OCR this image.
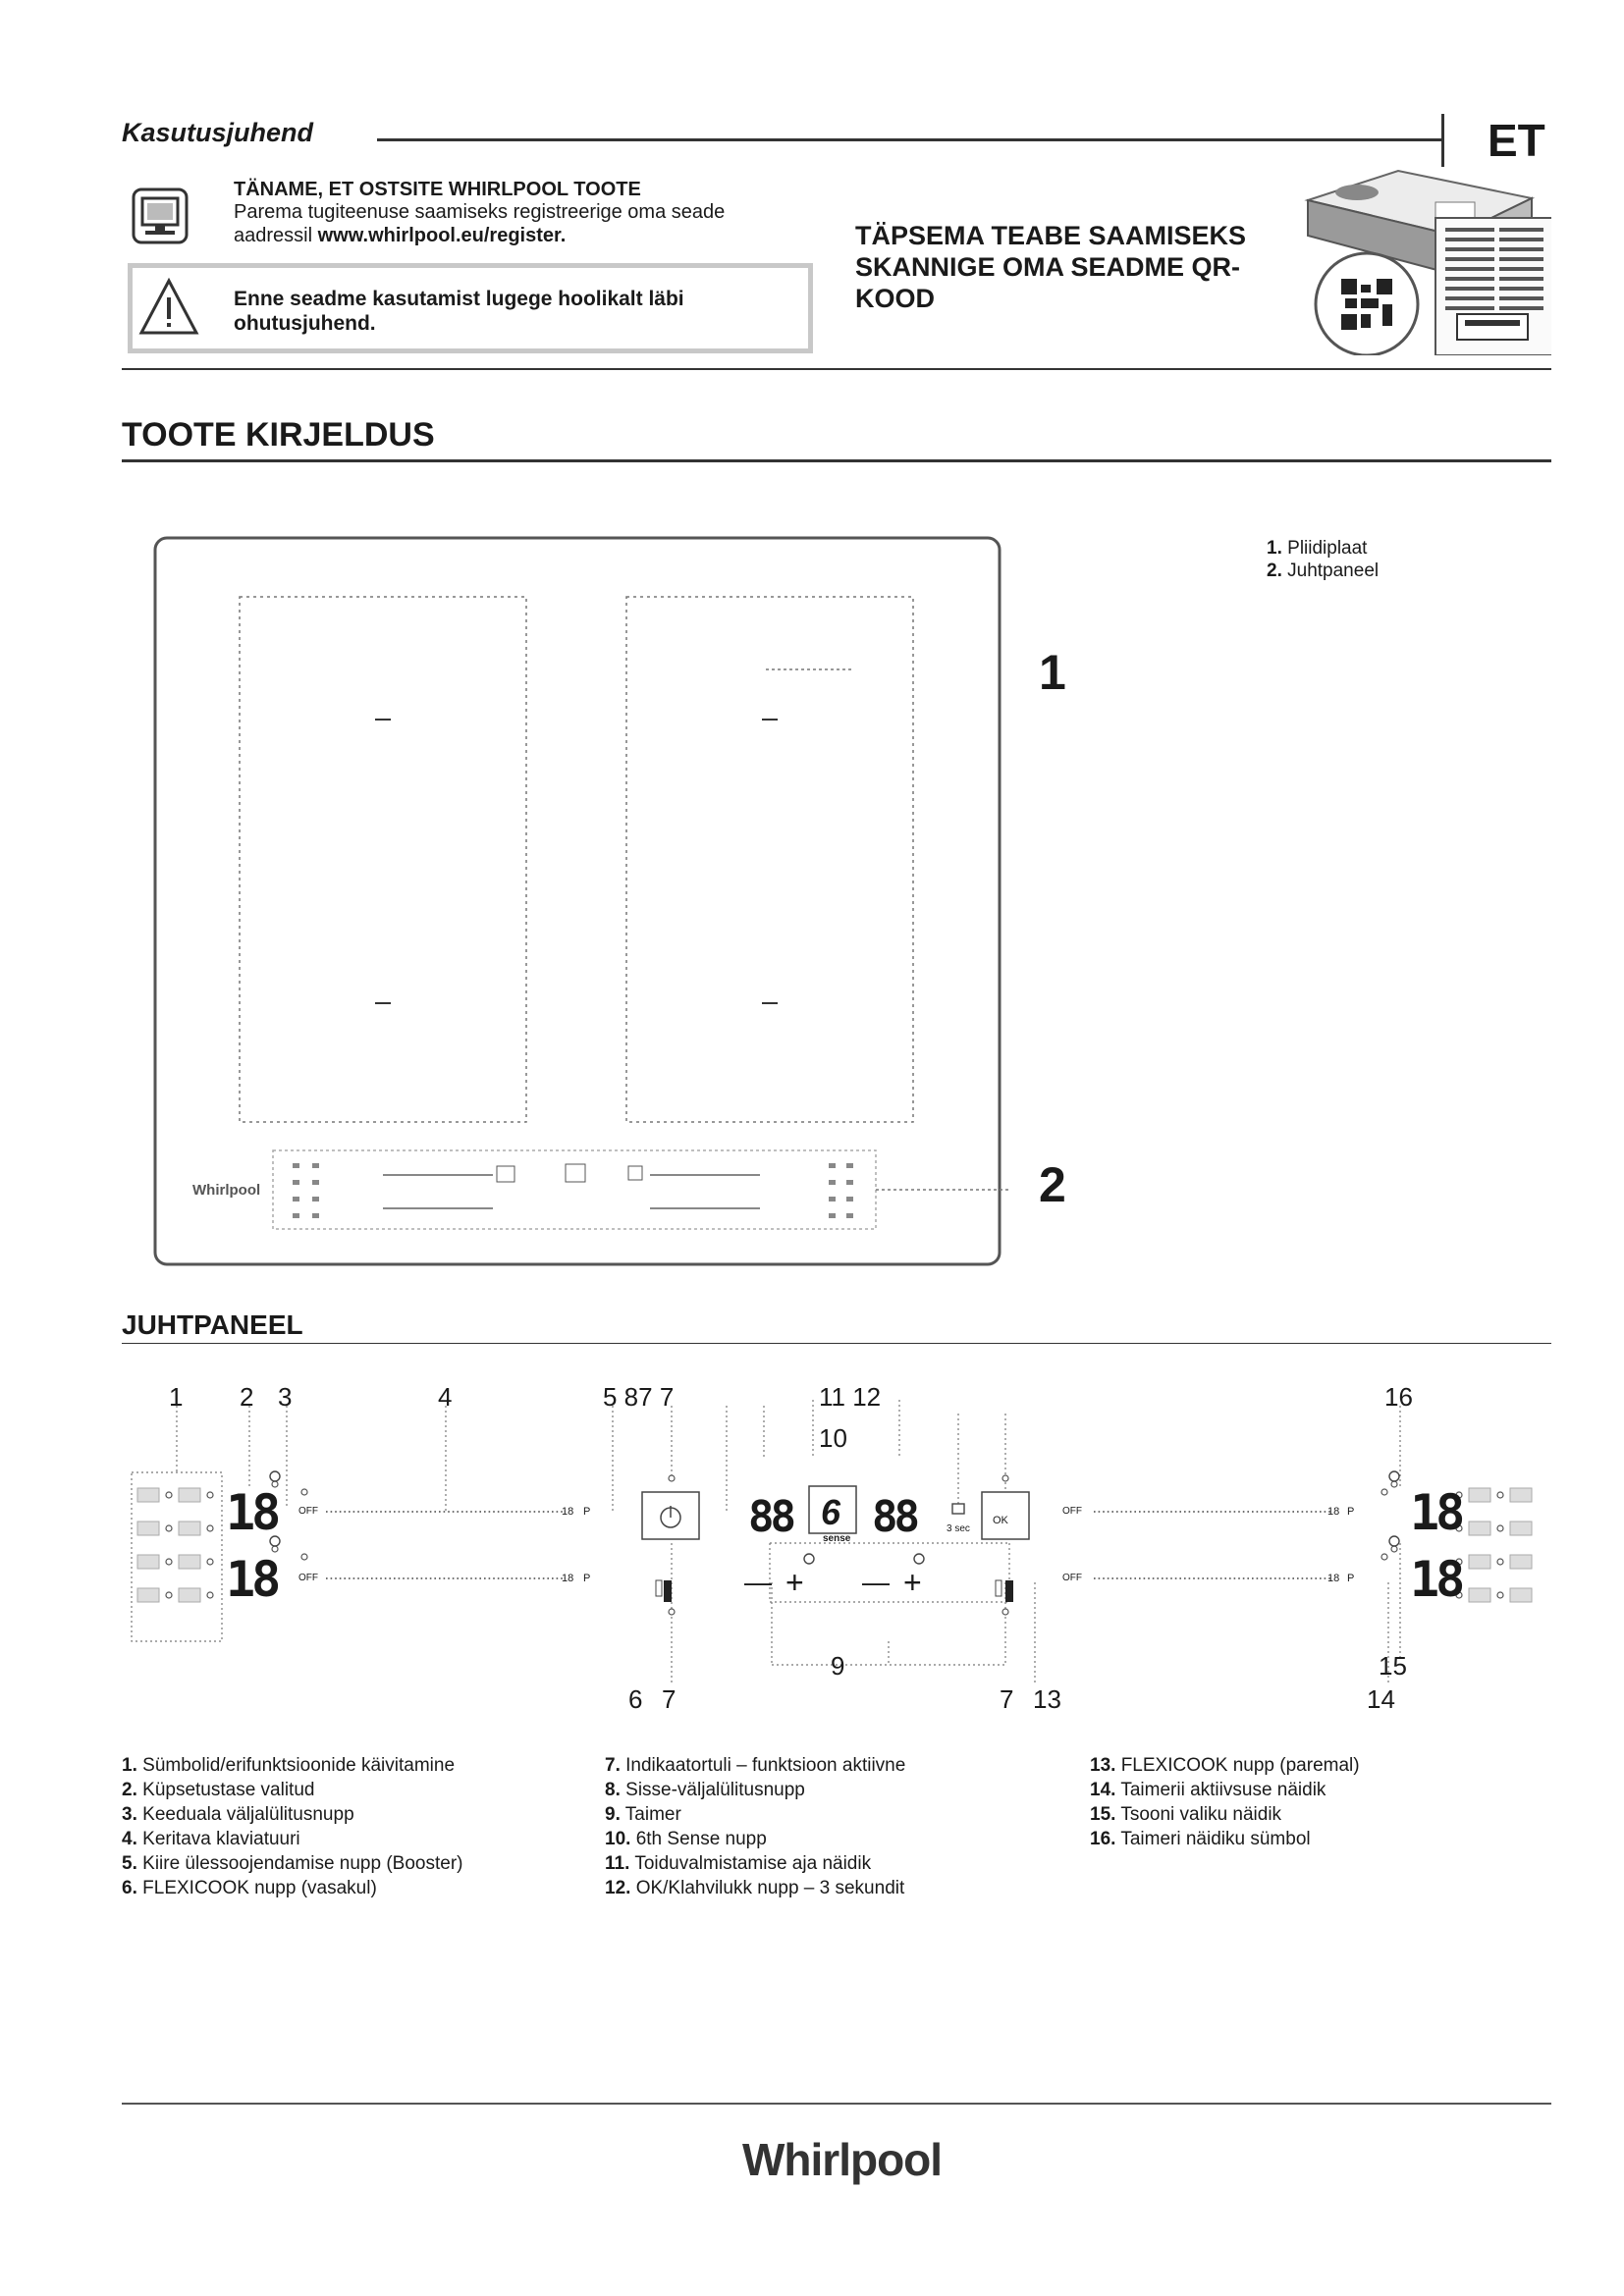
Kasutusjuhend	ET
TÄNAME, ET OSTSITE WHIRLPOOL TOOTE
Parema tugiteenuse saamiseks registreerige oma seade
aadressil www.whirlpool.eu/register.
Enne seadme kasutamist lugege hoolikalt läbi ohutusjuhend.
TÄPSEMA TEABE SAAMISEKS SKANNIGE OMA SEADME QR-KOOD
TOOTE KIRJELDUS
Whirlpool
1
2
1. Pliidiplaat
2. Juhtpaneel
JUHTPANEEL
1 2 3	4	5 87 7	11 12
10
16
9
6 7	7 13
15
14
18
18
18
18
88 88
6
sense
OK
3 sec
OFF	18 P
OFF	18 P
OFF	18 P
OFF	18 P
— + — +
1. Sümbolid/erifunktsioonide käivitamine
2. Küpsetustase valitud
3. Keeduala väljalülitusnupp
4. Keritava klaviatuuri
5. Kiire ülessoojendamise nupp (Booster)
6. FLEXICOOK nupp (vasakul)
7. Indikaatortuli – funktsioon aktiivne
8. Sisse-väljalülitusnupp
9. Taimer
10. 6th Sense nupp
11. Toiduvalmistamise aja näidik
12. OK/Klahvilukk nupp – 3 sekundit
13. FLEXICOOK nupp (paremal)
14. Taimerii aktiivsuse näidik
15. Tsooni valiku näidik
16. Taimeri näidiku sümbol
Whirlpool
